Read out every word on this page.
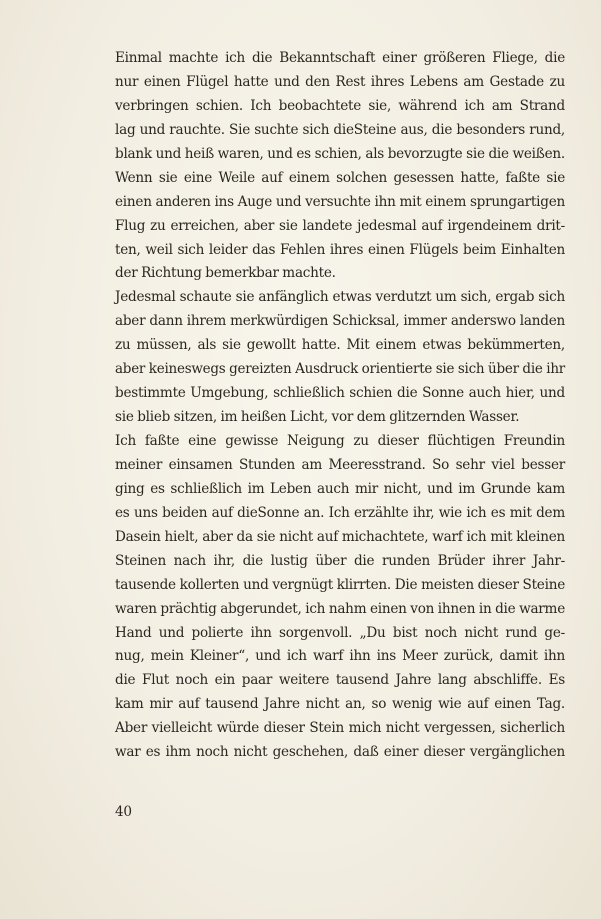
Einmal machte ich die Bekanntschaft einer größeren Fliege, die
nur einen Flügel hatte und den Rest ihres Lebens am Gestade zu
verbringen schien. Ich beobachtete sie, während ich am Strand
lag und rauchte. Sie suchte sich dieSteine aus, die besonders rund,
blank und heiß waren, und es schien, als bevorzugte sie die weißen.
Wenn sie eine Weile auf einem solchen gesessen hatte, faßte sie
einen anderen ins Auge und versuchte ihn mit einem sprungartigen
Flug zu erreichen, aber sie landete jedesmal auf irgendeinem drit-
ten, weil sich leider das Fehlen ihres einen Flügels beim Einhalten
der Richtung bemerkbar machte.
Jedesmal schaute sie anfänglich etwas verdutzt um sich, ergab sich
aber dann ihrem merkwürdigen Schicksal, immer anderswo landen
zu müssen, als sie gewollt hatte. Mit einem etwas bekümmerten,
aber keineswegs gereizten Ausdruck orientierte sie sich über die ihr
bestimmte Umgebung, schließlich schien die Sonne auch hier, und
sie blieb sitzen, im heißen Licht, vor dem glitzernden Wasser.
Ich faßte eine gewisse Neigung zu dieser flüchtigen Freundin
meiner einsamen Stunden am Meeresstrand. So sehr viel besser
ging es schließlich im Leben auch mir nicht, und im Grunde kam
es uns beiden auf dieSonne an. Ich erzählte ihr, wie ich es mit dem
Dasein hielt, aber da sie nicht auf michachtete, warf ich mit kleinen
Steinen nach ihr, die lustig über die runden Brüder ihrer Jahr-
tausende kollerten und vergnügt klirrten. Die meisten dieser Steine
waren prächtig abgerundet, ich nahm einen von ihnen in die warme
Hand und polierte ihn sorgenvoll. „Du bist noch nicht rund ge-
nug, mein Kleiner“, und ich warf ihn ins Meer zurück, damit ihn
die Flut noch ein paar weitere tausend Jahre lang abschliffe. Es
kam mir auf tausend Jahre nicht an, so wenig wie auf einen Tag.
Aber vielleicht würde dieser Stein mich nicht vergessen, sicherlich
war es ihm noch nicht geschehen, daß einer dieser vergänglichen
40
